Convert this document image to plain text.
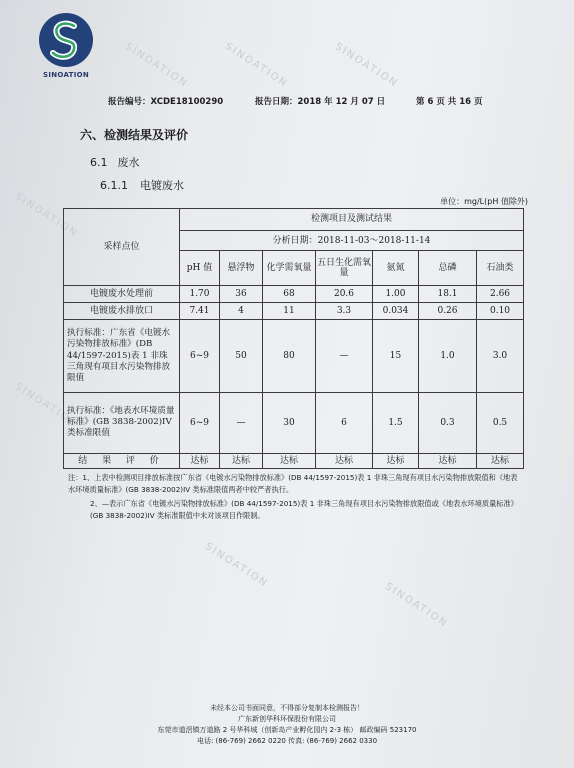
SINOATION	SINOATION	SINOATION	SINOATION
SINOATION
SINOATION
SINOATION
SINOATION
报告编号：XCDE18100290	报告日期：2018 年 12 月 07 日	第 6 页 共 16 页
六、检测结果及评价
6.1 废水
6.1.1 电镀废水
单位：mg/L(pH 值除外)
采样点位	检测项目及测试结果						
	分析日期：2018-11-03～2018-11-14						
	pH 值	悬浮物	化学需氧量	五日生化需氧量	氨氮	总磷	石油类
电镀废水处理前	1.70	36	68	20.6	1.00	18.1	2.66
电镀废水排放口	7.41	4	11	3.3	0.034	0.26	0.10
执行标准：广东省《电镀水污染物排放标准》(DB 44/1597-2015)表 1 非珠三角现有项目水污染物排放限值	6~9	50	80	—	15	1.0	3.0
执行标准：《地表水环境质量标准》(GB 3838-2002)IV 类标准限值	6~9	—	30	6	1.5	0.3	0.5
结 果 评 价	达标	达标	达标	达标	达标	达标	达标

注：1、上表中检测项目排放标准按广东省《电镀水污染物排放标准》(DB 44/1597-2015)表 1 非珠三角现有项目水污染物排放限值和《地表水环境质量标准》(GB 3838-2002)IV 类标准限值两者中较严者执行。

2、—表示广东省《电镀水污染物排放标准》(DB 44/1597-2015)表 1 非珠三角现有项目水污染物排放限值或《地表水环境质量标准》(GB 3838-2002)IV 类标准限值中未对该项目作限制。

未经本公司书面同意，不得部分复制本检测报告！
广东新创华科环保股份有限公司
东莞市道滘镇万道路 2 号华科城（创新岛产业孵化园内 2-3 栋） 邮政编码 523170
电话: (86-769) 2662 0220 传真: (86-769) 2662 0330
